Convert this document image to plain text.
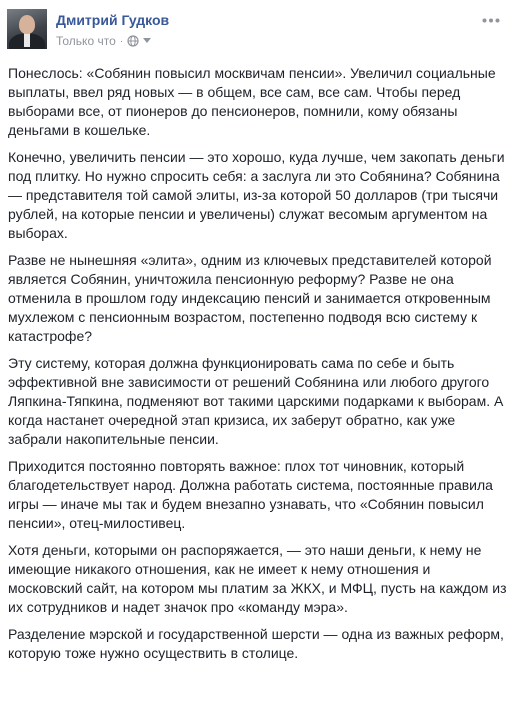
Дмитрий Гудков
Только что ·

Понеслось: «Собянин повысил москвичам пенсии». Увеличил социальные выплаты, ввел ряд новых — в общем, все сам, все сам. Чтобы перед выборами все, от пионеров до пенсионеров, помнили, кому обязаны деньгами в кошельке.

Конечно, увеличить пенсии — это хорошо, куда лучше, чем закопать деньги под плитку. Но нужно спросить себя: а заслуга ли это Собянина? Собянина — представителя той самой элиты, из-за которой 50 долларов (три тысячи рублей, на которые пенсии и увеличены) служат весомым аргументом на выборах.

Разве не нынешняя «элита», одним из ключевых представителей которой является Собянин, уничтожила пенсионную реформу? Разве не она отменила в прошлом году индексацию пенсий и занимается откровенным мухлежом с пенсионным возрастом, постепенно подводя всю систему к катастрофе?

Эту систему, которая должна функционировать сама по себе и быть эффективной вне зависимости от решений Собянина или любого другого Ляпкина-Тяпкина, подменяют вот такими царскими подарками к выборам. А когда настанет очередной этап кризиса, их заберут обратно, как уже забрали накопительные пенсии.

Приходится постоянно повторять важное: плох тот чиновник, который благодетельствует народ. Должна работать система, постоянные правила игры — иначе мы так и будем внезапно узнавать, что «Собянин повысил пенсии», отец-милостивец.

Хотя деньги, которыми он распоряжается, — это наши деньги, к нему не имеющие никакого отношения, как не имеет к нему отношения и московский сайт, на котором мы платим за ЖКХ, и МФЦ, пусть на каждом из их сотрудников и надет значок про «команду мэра».

Разделение мэрской и государственной шерсти — одна из важных реформ, которую тоже нужно осуществить в столице.
